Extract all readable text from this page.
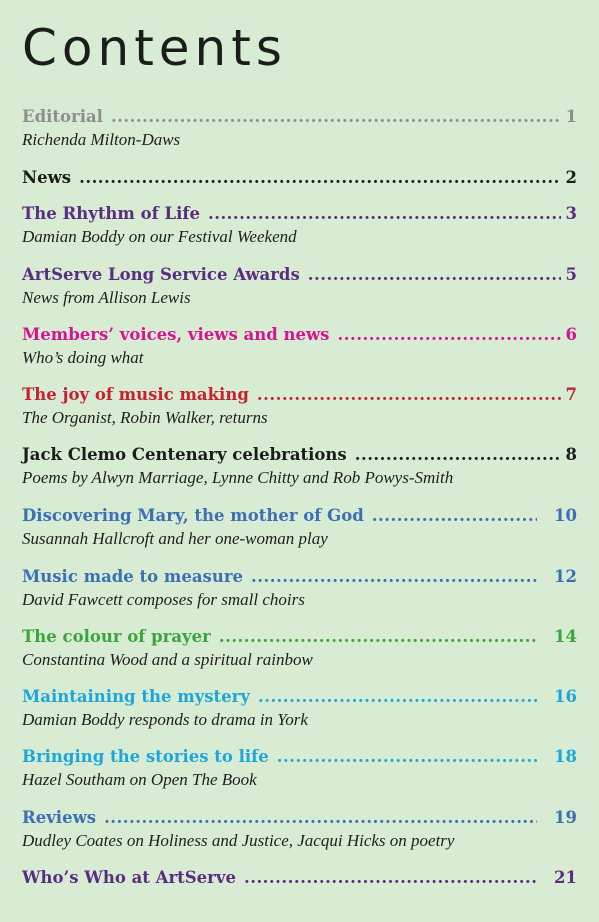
Contents
Editorial .....	1
Richenda Milton-Daws
News .....	2
The Rhythm of Life .....	3
Damian Boddy on our Festival Weekend
ArtServe Long Service Awards .....	5
News from Allison Lewis
Members’ voices, views and news .....	6
Who’s doing what
The joy of music making .....	7
The Organist, Robin Walker, returns
Jack Clemo Centenary celebrations .....	8
Poems by Alwyn Marriage, Lynne Chitty and Rob Powys-Smith
Discovering Mary, the mother of God .....	10
Susannah Hallcroft and her one-woman play
Music made to measure .....	12
David Fawcett composes for small choirs
The colour of prayer .....	14
Constantina Wood and a spiritual rainbow
Maintaining the mystery .....	16
Damian Boddy responds to drama in York
Bringing the stories to life .....	18
Hazel Southam on Open The Book
Reviews .....	19
Dudley Coates on Holiness and Justice, Jacqui Hicks on poetry
Who’s Who at ArtServe .....	21
